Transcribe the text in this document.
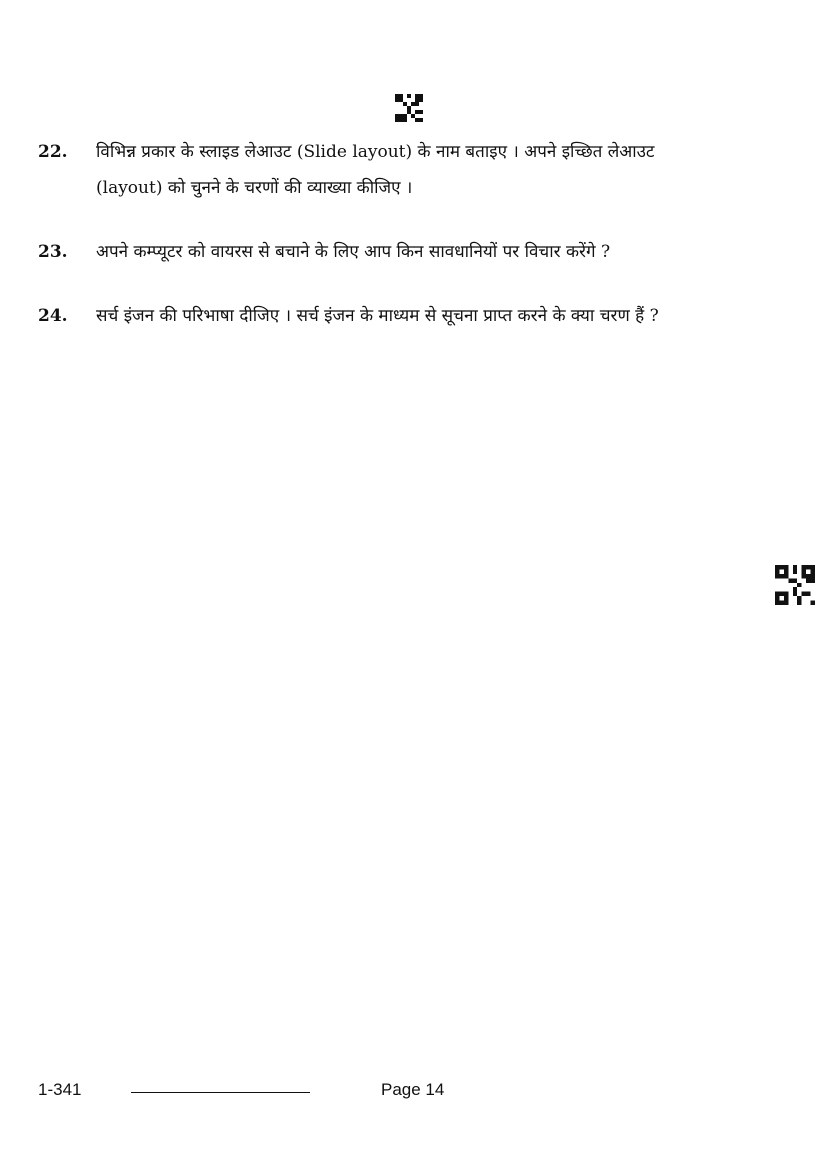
22. विभिन्न प्रकार के स्लाइड लेआउट (Slide layout) के नाम बताइए । अपने इच्छित लेआउट
(layout) को चुनने के चरणों की व्याख्या कीजिए ।
23. अपने कम्प्यूटर को वायरस से बचाने के लिए आप किन सावधानियों पर विचार करेंगे ?
24. सर्च इंजन की परिभाषा दीजिए । सर्च इंजन के माध्यम से सूचना प्राप्त करने के क्या चरण हैं ?
1-341	Page 14
